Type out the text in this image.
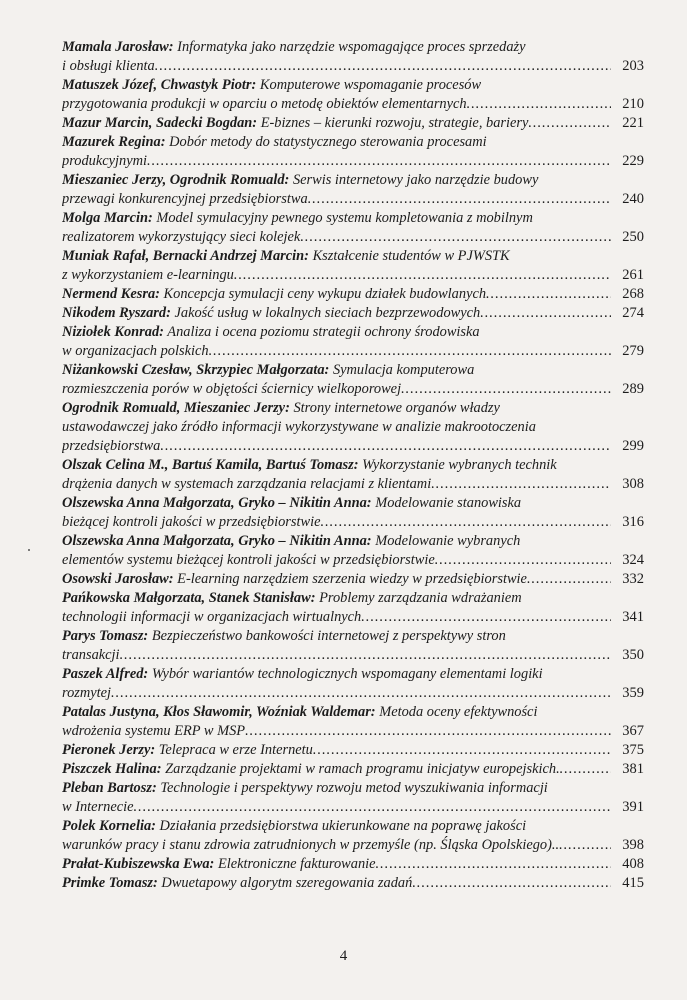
Mamala Jarosław: Informatyka jako narzędzie wspomagające proces sprzedaży
i obsługi klienta .....	203
Matuszek Józef, Chwastyk Piotr: Komputerowe wspomaganie procesów
przygotowania produkcji w oparciu o metodę obiektów elementarnych .....	210
Mazur Marcin, Sadecki Bogdan: E-biznes – kierunki rozwoju, strategie, bariery .....	221
Mazurek Regina: Dobór metody do statystycznego sterowania procesami
produkcyjnymi .....	229
Mieszaniec Jerzy, Ogrodnik Romuald: Serwis internetowy jako narzędzie budowy
przewagi konkurencyjnej przedsiębiorstwa .....	240
Molga Marcin: Model symulacyjny pewnego systemu kompletowania z mobilnym
realizatorem wykorzystujący sieci kolejek .....	250
Muniak Rafał, Bernacki Andrzej Marcin: Kształcenie studentów w PJWSTK
z wykorzystaniem e-learningu .....	261
Nermend Kesra: Koncepcja symulacji ceny wykupu działek budowlanych .....	268
Nikodem Ryszard: Jakość usług w lokalnych sieciach bezprzewodowych .....	274
Niziołek Konrad: Analiza i ocena poziomu strategii ochrony środowiska
w organizacjach polskich .....	279
Niżankowski Czesław, Skrzypiec Małgorzata: Symulacja komputerowa
rozmieszczenia porów w objętości ściernicy wielkoporowej .....	289
Ogrodnik Romuald, Mieszaniec Jerzy: Strony internetowe organów władzy
ustawodawczej jako źródło informacji wykorzystywane w analizie makrootoczenia
przedsiębiorstwa .....	299
Olszak Celina M., Bartuś Kamila, Bartuś Tomasz: Wykorzystanie wybranych technik
drążenia danych w systemach zarządzania relacjami z klientami .....	308
Olszewska Anna Małgorzata, Gryko – Nikitin Anna: Modelowanie stanowiska
bieżącej kontroli jakości w przedsiębiorstwie .....	316
Olszewska Anna Małgorzata, Gryko – Nikitin Anna: Modelowanie wybranych
elementów systemu bieżącej kontroli jakości w przedsiębiorstwie .....	324
Osowski Jarosław: E-learning narzędziem szerzenia wiedzy w przedsiębiorstwie .....	332
Pańkowska Małgorzata, Stanek Stanisław: Problemy zarządzania wdrażaniem
technologii informacji w organizacjach wirtualnych .....	341
Parys Tomasz: Bezpieczeństwo bankowości internetowej z perspektywy stron
transakcji .....	350
Paszek Alfred: Wybór wariantów technologicznych wspomagany elementami logiki
rozmytej .....	359
Patalas Justyna, Kłos Sławomir, Woźniak Waldemar: Metoda oceny efektywności
wdrożenia systemu ERP w MSP .....	367
Pieronek Jerzy: Telepraca w erze Internetu .....	375
Piszczek Halina: Zarządzanie projektami w ramach programu inicjatyw europejskich. .....	381
Pleban Bartosz: Technologie i perspektywy rozwoju metod wyszukiwania informacji
w Internecie .....	391
Polek Kornelia: Działania przedsiębiorstwa ukierunkowane na poprawę jakości
warunków pracy i stanu zdrowia zatrudnionych w przemyśle (np. Śląska Opolskiego).. .....	398
Prałat-Kubiszewska Ewa: Elektroniczne fakturowanie .....	408
Primke Tomasz: Dwuetapowy algorytm szeregowania zadań .....	415
4
